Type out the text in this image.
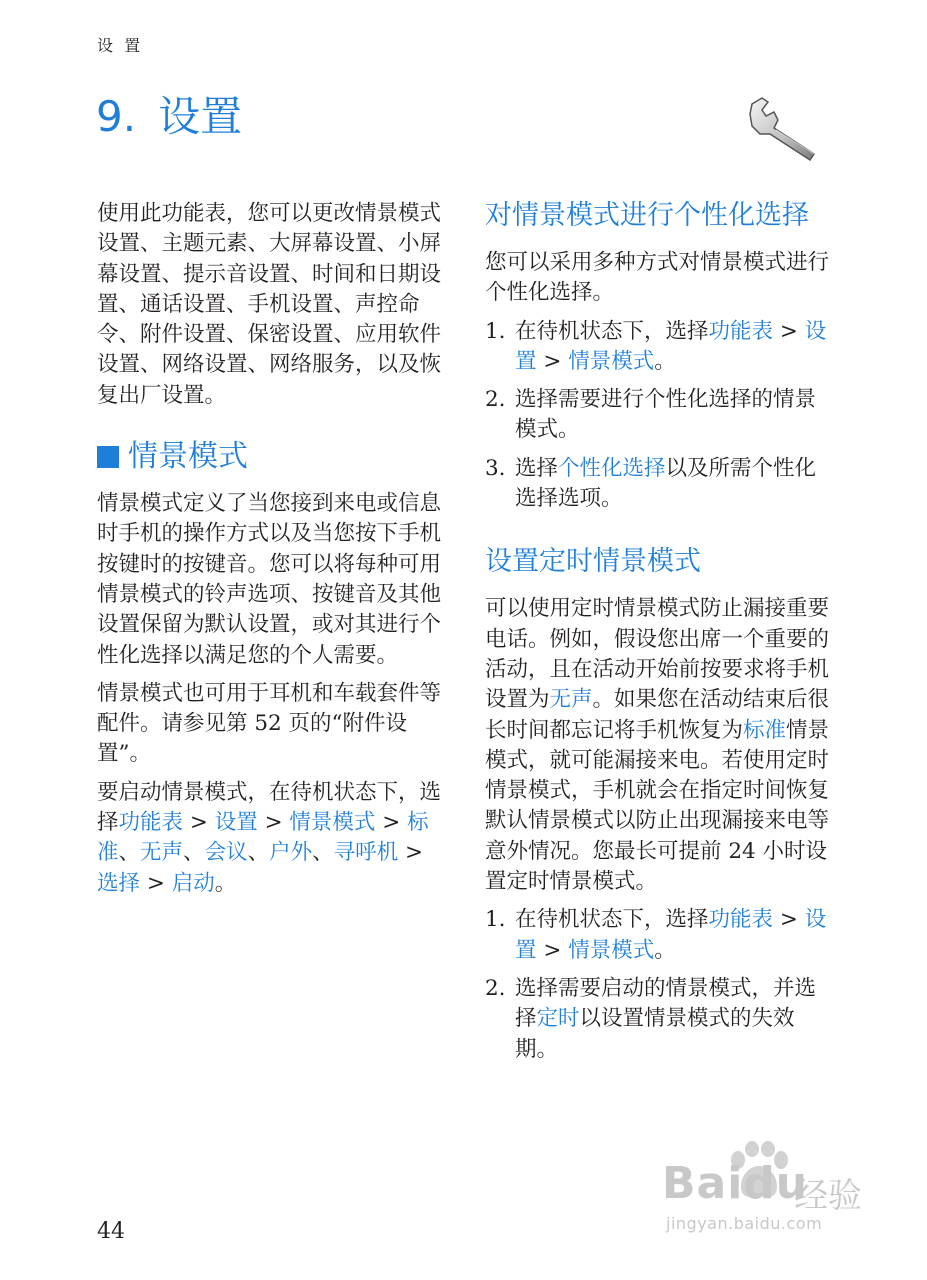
设 置
9. 设置

使用此功能表，您可以更改情景模式设置、主题元素、大屏幕设置、小屏幕设置、提示音设置、时间和日期设置、通话设置、手机设置、声控命令、附件设置、保密设置、应用软件设置、网络设置、网络服务，以及恢复出厂设置。

情景模式

情景模式定义了当您接到来电或信息时手机的操作方式以及当您按下手机按键时的按键音。您可以将每种可用情景模式的铃声选项、按键音及其他设置保留为默认设置，或对其进行个性化选择以满足您的个人需要。

情景模式也可用于耳机和车载套件等配件。请参见第 52 页的“附件设置”。

要启动情景模式，在待机状态下，选择功能表 > 设置 > 情景模式 > 标准、无声、会议、户外、寻呼机 > 选择 > 启动。

对情景模式进行个性化选择

您可以采用多种方式对情景模式进行个性化选择。

1. 在待机状态下，选择功能表 > 设置 > 情景模式。
2. 选择需要进行个性化选择的情景模式。
3. 选择个性化选择以及所需个性化选择选项。
设置定时情景模式

可以使用定时情景模式防止漏接重要电话。例如，假设您出席一个重要的活动，且在活动开始前按要求将手机设置为无声。如果您在活动结束后很长时间都忘记将手机恢复为标准情景模式，就可能漏接来电。若使用定时情景模式，手机就会在指定时间恢复默认情景模式以防止出现漏接来电等意外情况。您最长可提前 24 小时设置定时情景模式。

1. 在待机状态下，选择功能表 > 设置 > 情景模式。
2. 选择需要启动的情景模式，并选择定时以设置情景模式的失效期。
44
Baidu
经验
jingyan.baidu.com
